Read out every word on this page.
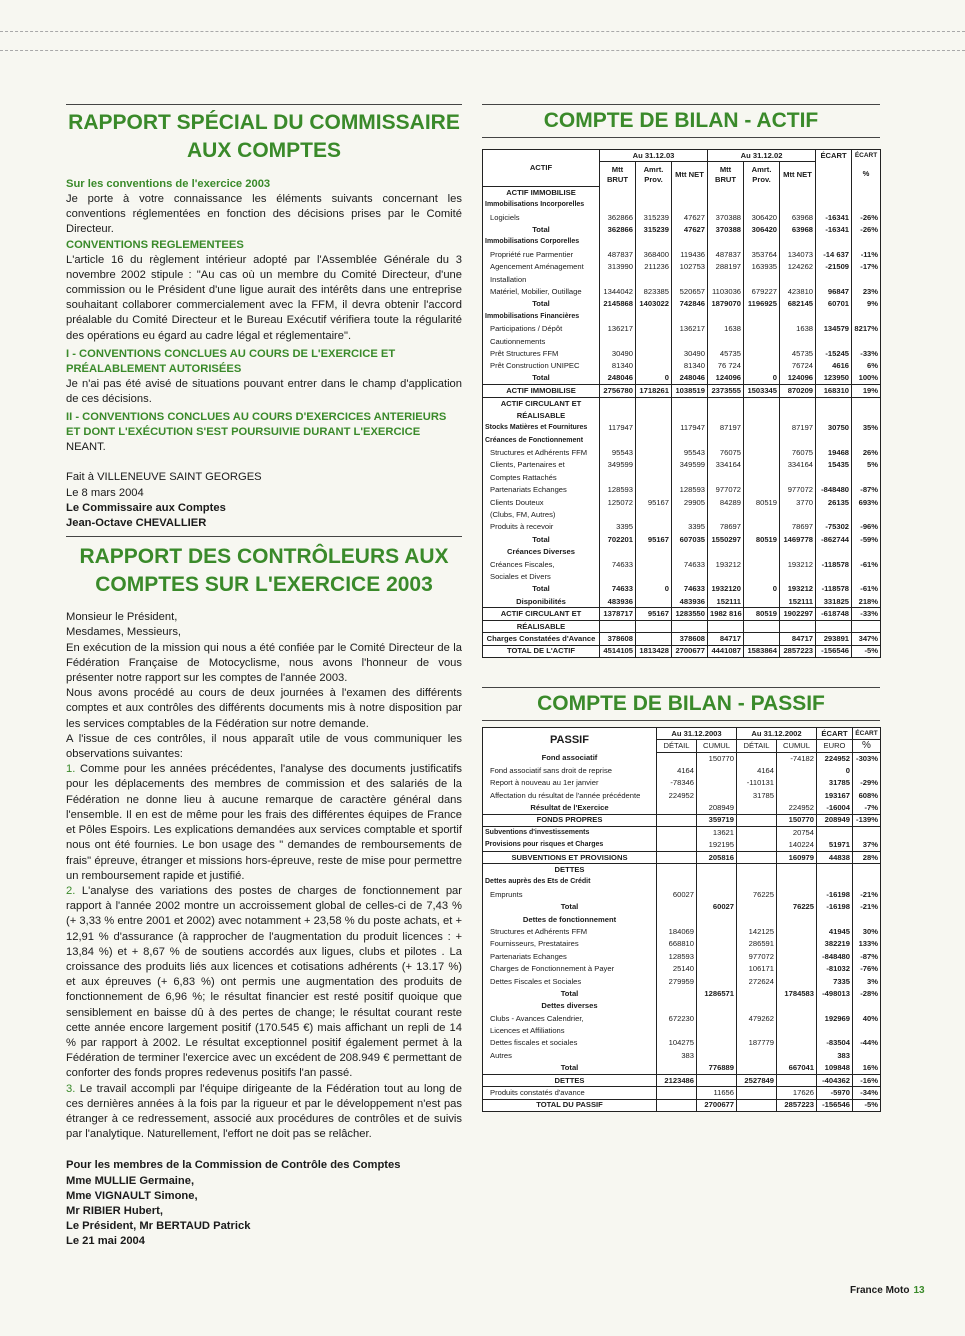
RAPPORT SPÉCIAL DU COMMISSAIRE AUX COMPTES
Sur les conventions de l'exercice 2003
Je porte à votre connaissance les éléments suivants concernant les conventions réglementées en fonction des décisions prises par le Comité Directeur.
CONVENTIONS REGLEMENTEES
L'article 16 du règlement intérieur adopté par l'Assemblée Générale du 3 novembre 2002 stipule : "Au cas où un membre du Comité Directeur, d'une commission ou le Président d'une ligue aurait des intérêts dans une entreprise souhaitant collaborer commercialement avec la FFM, il devra obtenir l'accord préalable du Comité Directeur et le Bureau Exécutif vérifiera toute la régularité des opérations eu égard au cadre légal et réglementaire".
I - CONVENTIONS CONCLUES AU COURS DE L'EXERCICE ET PRÉALABLEMENT AUTORISÉES
Je n'ai pas été avisé de situations pouvant entrer dans le champ d'application de ces décisions.
II - CONVENTIONS CONCLUES AU COURS D'EXERCICES ANTERIEURS ET DONT L'EXÉCUTION S'EST POURSUIVIE DURANT L'EXERCICE
NEANT.
Fait à VILLENEUVE SAINT GEORGES
Le 8 mars 2004
Le Commissaire aux Comptes
Jean-Octave CHEVALLIER
RAPPORT DES CONTRÔLEURS AUX COMPTES SUR L'EXERCICE 2003
Monsieur le Président,
Mesdames, Messieurs,
En exécution de la mission qui nous a été confiée par le Comité Directeur de la Fédération Française de Motocyclisme, nous avons l'honneur de vous présenter notre rapport sur les comptes de l'année 2003.
Nous avons procédé au cours de deux journées à l'examen des différents comptes et aux contrôles des différents documents mis à notre disposition par les services comptables de la Fédération sur notre demande.
A l'issue de ces contrôles, il nous apparaît utile de vous communiquer les observations suivantes:
1. Comme pour les années précédentes, l'analyse des documents justificatifs pour les déplacements des membres de commission et des salariés de la Fédération ne donne lieu à aucune remarque de caractère général dans l'ensemble. Il en est de même pour les frais des différentes équipes de France et Pôles Espoirs. Les explications demandées aux services comptable et sportif nous ont été fournies. Le bon usage des " demandes de remboursements de frais" épreuve, étranger et missions hors-épreuve, reste de mise pour permettre un remboursement rapide et justifié.
2. L'analyse des variations des postes de charges de fonctionnement par rapport à l'année 2002 montre un accroissement global de celles-ci de 7,43 % (+ 3,33 % entre 2001 et 2002) avec notamment + 23,58 % du poste achats, et + 12,91 % d'assurance (à rapprocher de l'augmentation du produit licences : + 13,84 %) et + 8,67 % de soutiens accordés aux ligues, clubs et pilotes . La croissance des produits liés aux licences et cotisations adhérents (+ 13.17 %) et aux épreuves (+ 6,83 %) ont permis une augmentation des produits de fonctionnement de 6,96 %; le résultat financier est resté positif quoique que sensiblement en baisse dû à des pertes de change; le résultat courant reste cette année encore largement positif (170.545 €) mais affichant un repli de 14 % par rapport à 2002. Le résultat exceptionnel positif également permet à la Fédération de terminer l'exercice avec un excédent de 208.949 € permettant de conforter des fonds propres redevenus positifs l'an passé.
3. Le travail accompli par l'équipe dirigeante de la Fédération tout au long de ces dernières années à la fois par la rigueur et par le développement n'est pas étranger à ce redressement, associé aux procédures de contrôles et de suivis par l'analytique. Naturellement, l'effort ne doit pas se relâcher.
Pour les membres de la Commission de Contrôle des Comptes
Mme MULLIE Germaine,
Mme VIGNAULT Simone,
Mr RIBIER Hubert,
Le Président, Mr BERTAUD Patrick
Le 21 mai 2004
COMPTE DE BILAN - ACTIF
	Au 31.12.03			Au 31.12.02			ÉCART	ÉCART
ACTIF	Mtt BRUT	Amrt. Prov.	Mtt NET	Mtt BRUT	Amrt. Prov.	Mtt NET		%

ACTIF IMMOBILISE								
Immobilisations Incorporelles								
Logiciels	362866	315239	47627	370388	306420	63968	-16341	-26%
Total	362866	315239	47627	370388	306420	63968	-16341	-26%
Immobilisations Corporelles								
Propriété rue Parmentier	487837	368400	119436	487837	353764	134073	-14 637	-11%
Agencement Aménagement	313990	211236	102753	288197	163935	124262	-21509	-17%
Installation								
Matériel, Mobilier, Outillage	1344042	823385	520657	1103036	679227	423810	96847	23%
Total	2145868	1403022	742846	1879070	1196925	682145	60701	9%
Immobilisations Financières								
Participations / Dépôt	136217		136217	1638		1638	134579	8217%
Cautionnements								
Prêt Structures FFM	30490		30490	45735		45735	-15245	-33%
Prêt Construction UNIPEC	81340		81340	76 724		76724	4616	6%
Total	248046	0	248046	124096	0	124096	123950	100%
ACTIF IMMOBILISE	2756780	1718261	1038519	2373555	1503345	870209	168310	19%
ACTIF CIRCULANT ET								
RÉALISABLE								
Stocks Matières et Fournitures	117947		117947	87197		87197	30750	35%
Créances de Fonctionnement								
Structures et Adhérents FFM	95543		95543	76075		76075	19468	26%
Clients, Partenaires et	349599		349599	334164		334164	15435	5%
Comptes Rattachés								
Partenariats Echanges	128593		128593	977072		977072	-848480	-87%
Clients Douteux	125072	95167	29905	84289	80519	3770	26135	693%
(Clubs, FM, Autres)								
Produits à recevoir	3395		3395	78697		78697	-75302	-96%
Total	702201	95167	607035	1550297	80519	1469778	-862744	-59%
Créances Diverses								
Créances Fiscales,	74633		74633	193212		193212	-118578	-61%
Sociales et Divers								
Total	74633	0	74633	1932120	0	193212	-118578	-61%
Disponibilités	483936		483936	152111		152111	331825	218%
ACTIF CIRCULANT ET	1378717	95167	1283550	1982 816	80519	1902297	-618748	-33%
RÉALISABLE								
Charges Constatées d'Avance	378608		378608	84717		84717	293891	347%
TOTAL DE L'ACTIF	4514105	1813428	2700677	4441087	1583864	2857223	-156546	-5%
COMPTE DE BILAN - PASSIF
PASSIF	Au 31.12.2003		Au 31.12.2002		ÉCART	ÉCART
	DÉTAIL	CUMUL	DÉTAIL	CUMUL	EURO	%
Fond associatif		150770		-74182	224952	-303%
Fond associatif sans droit de reprise	4164		4164		0	
Report à nouveau au 1er janvier	-78346		-110131		31785	-29%
Affectation du résultat de l'année précédente	224952		31785		193167	608%
Résultat de l'Exercice		208949		224952	-16004	-7%
FONDS PROPRES		359719		150770	208949	-139%
Subventions d'investissements		13621		20754		
Provisions pour risques et Charges		192195		140224	51971	37%
SUBVENTIONS ET PROVISIONS		205816		160979	44838	28%
DETTES						
Dettes auprès des Ets de Crédit						
Emprunts	60027		76225		-16198	-21%
Total		60027		76225	-16198	-21%
Dettes de fonctionnement						
Structures et Adhérents FFM	184069		142125		41945	30%
Fournisseurs, Prestataires	668810		286591		382219	133%
Partenariats Echanges	128593		977072		-848480	-87%
Charges de Fonctionnement à Payer	25140		106171		-81032	-76%
Dettes Fiscales et Sociales	279959		272624		7335	3%
Total		1286571		1784583	-498013	-28%
Dettes diverses						
Clubs - Avances Calendrier,	672230		479262		192969	40%
Licences et Affiliations						
Dettes fiscales et sociales	104275		187779		-83504	-44%
Autres	383				383	
Total		776889		667041	109848	16%
DETTES	2123486		2527849		-404362	-16%
Produits constatés d'avance		11656		17626	-5970	-34%
TOTAL DU PASSIF		2700677		2857223	-156546	-5%
France Moto 13
